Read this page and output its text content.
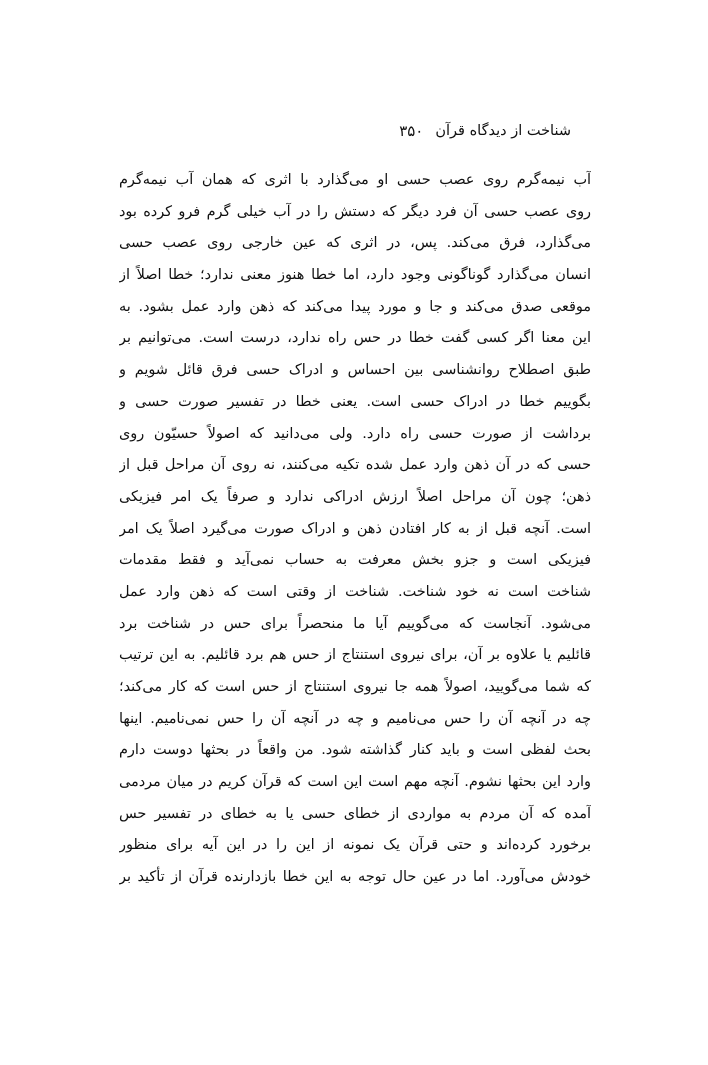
۳۵۰ شناخت از دیدگاه قرآن
آب نیمه‌گرم روی عصب حسی او می‌گذارد با اثری که همان آب نیمه‌گرم
روی عصب حسی آن فرد دیگر که دستش را در آب خیلی گرم فرو کرده بود
می‌گذارد، فرق می‌کند. پس، در اثری که عین خارجی روی عصب حسی
انسان می‌گذارد گوناگونی وجود دارد، اما خطا هنوز معنی ندارد؛ خطا اصلاً از
موقعی صدق می‌کند و جا و مورد پیدا می‌کند که ذهن وارد عمل بشود. به
این معنا اگر کسی گفت خطا در حس راه ندارد، درست است. می‌توانیم بر
طبق اصطلاح روانشناسی بین احساس و ادراک حسی فرق قائل شویم و
بگوییم خطا در ادراک حسی است. یعنی خطا در تفسیر صورت حسی و
برداشت از صورت حسی راه دارد. ولی می‌دانید که اصولاً حسیّون روی
حسی که در آن ذهن وارد عمل شده تکیه می‌کنند، نه روی آن مراحل قبل از
ذهن؛ چون آن مراحل اصلاً ارزش ادراکی ندارد و صرفاً یک امر فیزیکی
است. آنچه قبل از به کار افتادن ذهن و ادراک صورت می‌گیرد اصلاً یک امر
فیزیکی است و جزو بخش معرفت به حساب نمی‌آید و فقط مقدمات
شناخت است نه خود شناخت. شناخت از وقتی است که ذهن وارد عمل
می‌شود. آنجاست که می‌گوییم آیا ما منحصراً برای حس در شناخت برد
قائلیم یا علاوه بر آن، برای نیروی استنتاج از حس هم برد قائلیم. به این ترتیب
که شما می‌گویید، اصولاً همه جا نیروی استنتاج از حس است که کار می‌کند؛
چه در آنچه آن را حس می‌نامیم و چه در آنچه آن را حس نمی‌نامیم. اینها
بحث لفظی است و باید کنار گذاشته شود. من واقعاً در بحثها دوست دارم
وارد این بحثها نشوم. آنچه مهم است این است که قرآن کریم در میان مردمی
آمده که آن مردم به مواردی از خطای حسی یا به خطای در تفسیر حس
برخورد کرده‌اند و حتی قرآن یک نمونه از این را در این آیه برای منظور
خودش می‌آورد. اما در عین حال توجه به این خطا بازدارنده قرآن از تأکید بر
